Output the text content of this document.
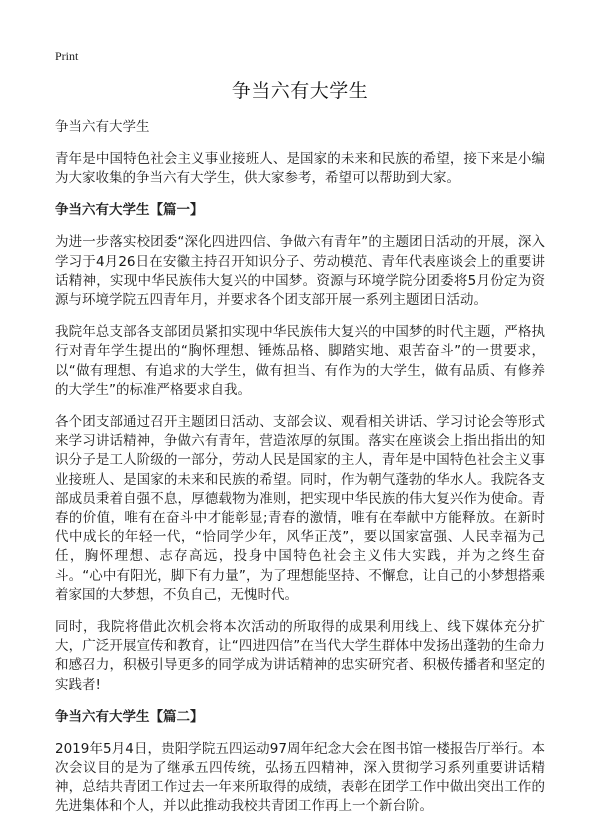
Print
争当六有大学生

争当六有大学生

青年是中国特色社会主义事业接班人、是国家的未来和民族的希望，接下来是小编为大家收集的争当六有大学生，供大家参考，希望可以帮助到大家。

争当六有大学生【篇一】

为进一步落实校团委“深化四进四信、争做六有青年”的主题团日活动的开展，深入学习于4月26日在安徽主持召开知识分子、劳动模范、青年代表座谈会上的重要讲话精神，实现中华民族伟大复兴的中国梦。资源与环境学院分团委将5月份定为资源与环境学院五四青年月，并要求各个团支部开展一系列主题团日活动。

我院年总支部各支部团员紧扣实现中华民族伟大复兴的中国梦的时代主题，严格执行对青年学生提出的“胸怀理想、锤炼品格、脚踏实地、艰苦奋斗”的一贯要求，以“做有理想、有追求的大学生，做有担当、有作为的大学生，做有品质、有修养的大学生”的标准严格要求自我。

各个团支部通过召开主题团日活动、支部会议、观看相关讲话、学习讨论会等形式来学习讲话精神，争做六有青年，营造浓厚的氛围。落实在座谈会上指出指出的知识分子是工人阶级的一部分，劳动人民是国家的主人，青年是中国特色社会主义事业接班人、是国家的未来和民族的希望。同时，作为朝气蓬勃的华水人。我院各支部成员秉着自强不息，厚德载物为准则，把实现中华民族的伟大复兴作为使命。青春的价值，唯有在奋斗中才能彰显;青春的激情，唯有在奉献中方能释放。在新时代中成长的年轻一代，“恰同学少年，风华正茂”，要以国家富强、人民幸福为己任，胸怀理想、志存高远，投身中国特色社会主义伟大实践，并为之终生奋斗。“心中有阳光，脚下有力量”，为了理想能坚持、不懈怠，让自己的小梦想搭乘着家国的大梦想，不负自己，无愧时代。

同时，我院将借此次机会将本次活动的所取得的成果利用线上、线下媒体充分扩大，广泛开展宣传和教育，让“四进四信”在当代大学生群体中发扬出蓬勃的生命力和感召力，积极引导更多的同学成为讲话精神的忠实研究者、积极传播者和坚定的实践者!

争当六有大学生【篇二】

2019年5月4日，贵阳学院五四运动97周年纪念大会在图书馆一楼报告厅举行。本次会议目的是为了继承五四传统，弘扬五四精神，深入贯彻学习系列重要讲话精神，总结共青团工作过去一年来所取得的成绩，表彰在团学工作中做出突出工作的先进集体和个人，并以此推动我校共青团工作再上一个新台阶。
